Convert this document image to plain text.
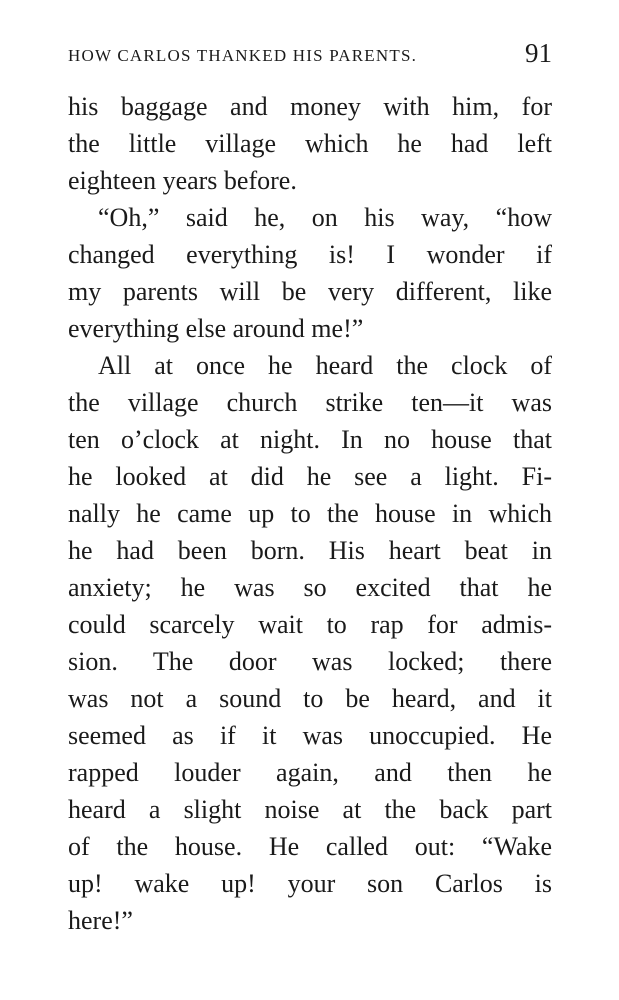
HOW CARLOS THANKED HIS PARENTS.	91
his baggage and money with him, for
the little village which he had left
eighteen years before.
“Oh,” said he, on his way, “how
changed everything is! I wonder if
my parents will be very different, like
everything else around me!”
All at once he heard the clock of
the village church strike ten—it was
ten o’clock at night. In no house that
he looked at did he see a light. Fi-
nally he came up to the house in which
he had been born. His heart beat in
anxiety; he was so excited that he
could scarcely wait to rap for admis-
sion. The door was locked; there
was not a sound to be heard, and it
seemed as if it was unoccupied. He
rapped louder again, and then he
heard a slight noise at the back part
of the house. He called out: “Wake
up! wake up! your son Carlos is
here!”
